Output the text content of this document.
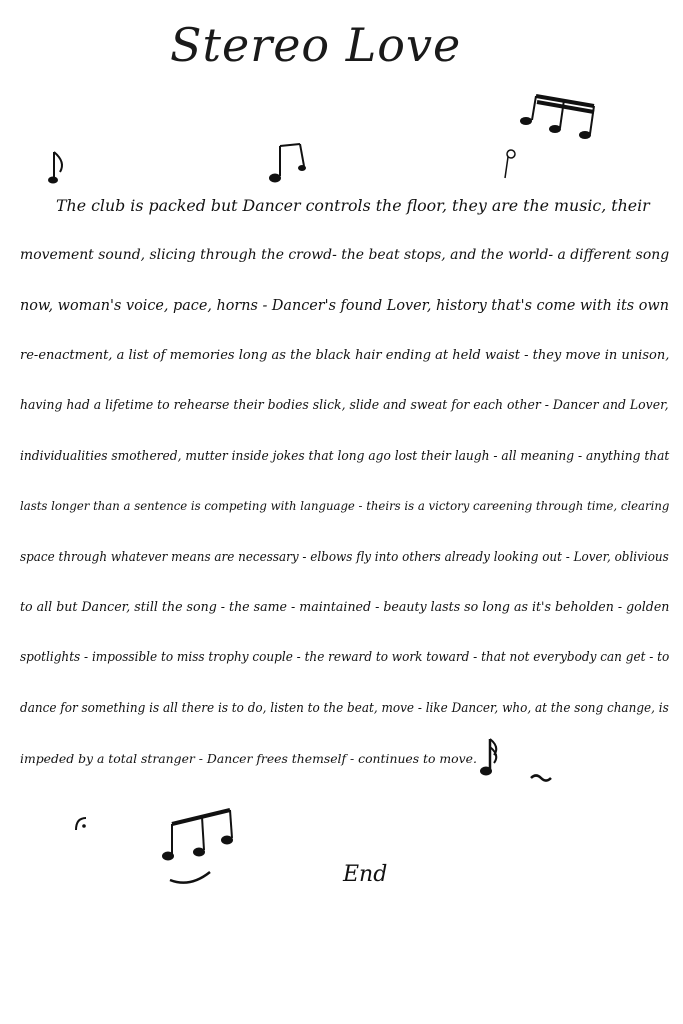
Stereo Love
The club is packed but Dancer controls the floor, they are the music, their
movement sound, slicing through the crowd- the beat stops, and the world- a different song
now, woman's voice, pace, horns - Dancer's found Lover, history that's come with its own
re-enactment, a list of memories long as the black hair ending at held waist - they move in unison,
having had a lifetime to rehearse their bodies slick, slide and sweat for each other - Dancer and Lover,
individualities smothered, mutter inside jokes that long ago lost their laugh - all meaning - anything that
lasts longer than a sentence is competing with language - theirs is a victory careening through time, clearing
space through whatever means are necessary - elbows fly into others already looking out - Lover, oblivious
to all but Dancer, still the song - the same - maintained - beauty lasts so long as it's beholden - golden
spotlights - impossible to miss trophy couple - the reward to work toward - that not everybody can get - to
dance for something is all there is to do, listen to the beat, move - like Dancer, who, at the song change, is
impeded by a total stranger - Dancer frees themself - continues to move.
End
